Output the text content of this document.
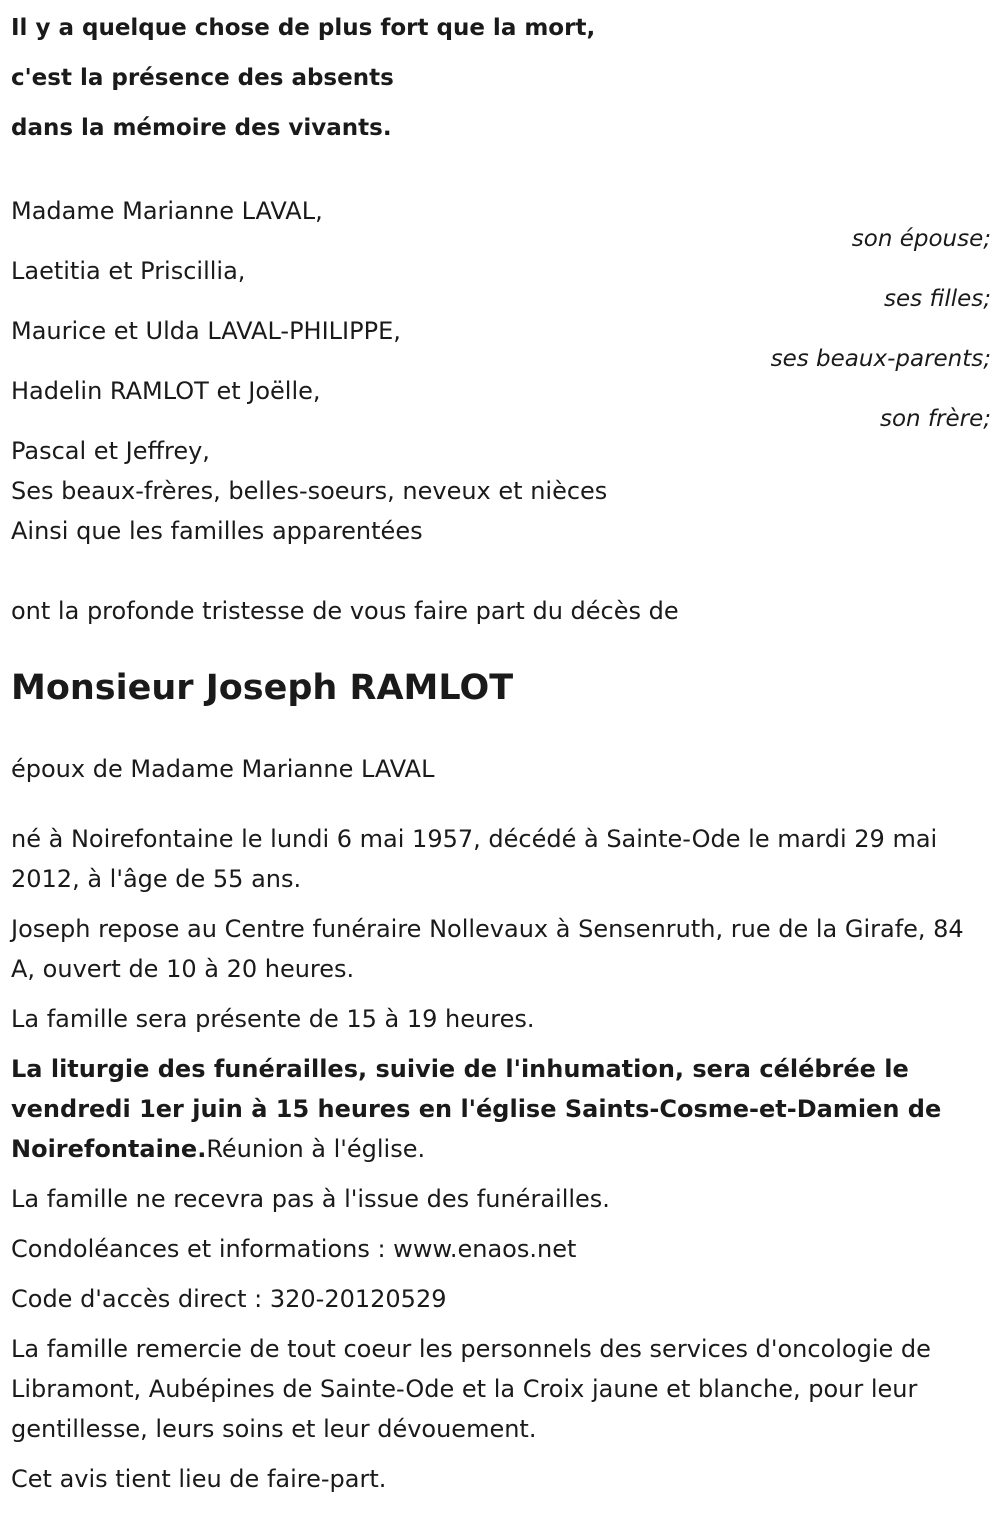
Il y a quelque chose de plus fort que la mort,
c'est la présence des absents
dans la mémoire des vivants.
Madame Marianne LAVAL,
son épouse;
Laetitia et Priscillia,
ses filles;
Maurice et Ulda LAVAL-PHILIPPE,
ses beaux-parents;
Hadelin RAMLOT et Joëlle,
son frère;
Pascal et Jeffrey,
Ses beaux-frères, belles-soeurs, neveux et nièces
Ainsi que les familles apparentées
ont la profonde tristesse de vous faire part du décès de
Monsieur Joseph RAMLOT
époux de Madame Marianne LAVAL

né à Noirefontaine le lundi 6 mai 1957, décédé à Sainte-Ode le mardi 29 mai 2012, à l'âge de 55 ans.

Joseph repose au Centre funéraire Nollevaux à Sensenruth, rue de la Girafe, 84 A, ouvert de 10 à 20 heures.

La famille sera présente de 15 à 19 heures.

La liturgie des funérailles, suivie de l'inhumation, sera célébrée le vendredi 1er juin à 15 heures en l'église Saints-Cosme-et-Damien de Noirefontaine.Réunion à l'église.

La famille ne recevra pas à l'issue des funérailles.

Condoléances et informations : www.enaos.net

Code d'accès direct : 320-20120529

La famille remercie de tout coeur les personnels des services d'oncologie de Libramont, Aubépines de Sainte-Ode et la Croix jaune et blanche, pour leur gentillesse, leurs soins et leur dévouement.

Cet avis tient lieu de faire-part.
